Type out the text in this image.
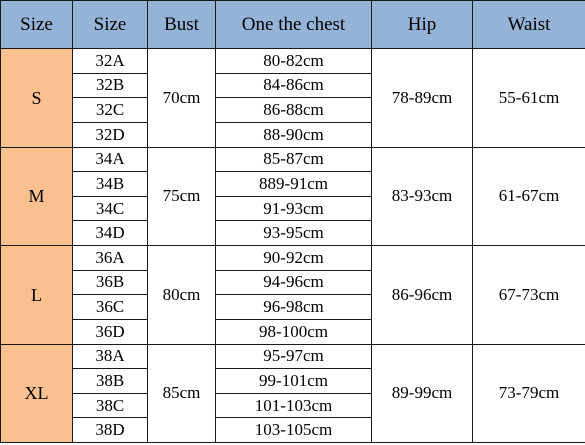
Size	Size	Bust	One the chest	Hip	Waist
S	32A	70cm	80-82cm	78-89cm	55-61cm
	32B		84-86cm		
	32C		86-88cm		
	32D		88-90cm		
M	34A	75cm	85-87cm	83-93cm	61-67cm
	34B		889-91cm		
	34C		91-93cm		
	34D		93-95cm		
L	36A	80cm	90-92cm	86-96cm	67-73cm
	36B		94-96cm		
	36C		96-98cm		
	36D		98-100cm		
XL	38A	85cm	95-97cm	89-99cm	73-79cm
	38B		99-101cm		
	38C		101-103cm		
	38D		103-105cm		
